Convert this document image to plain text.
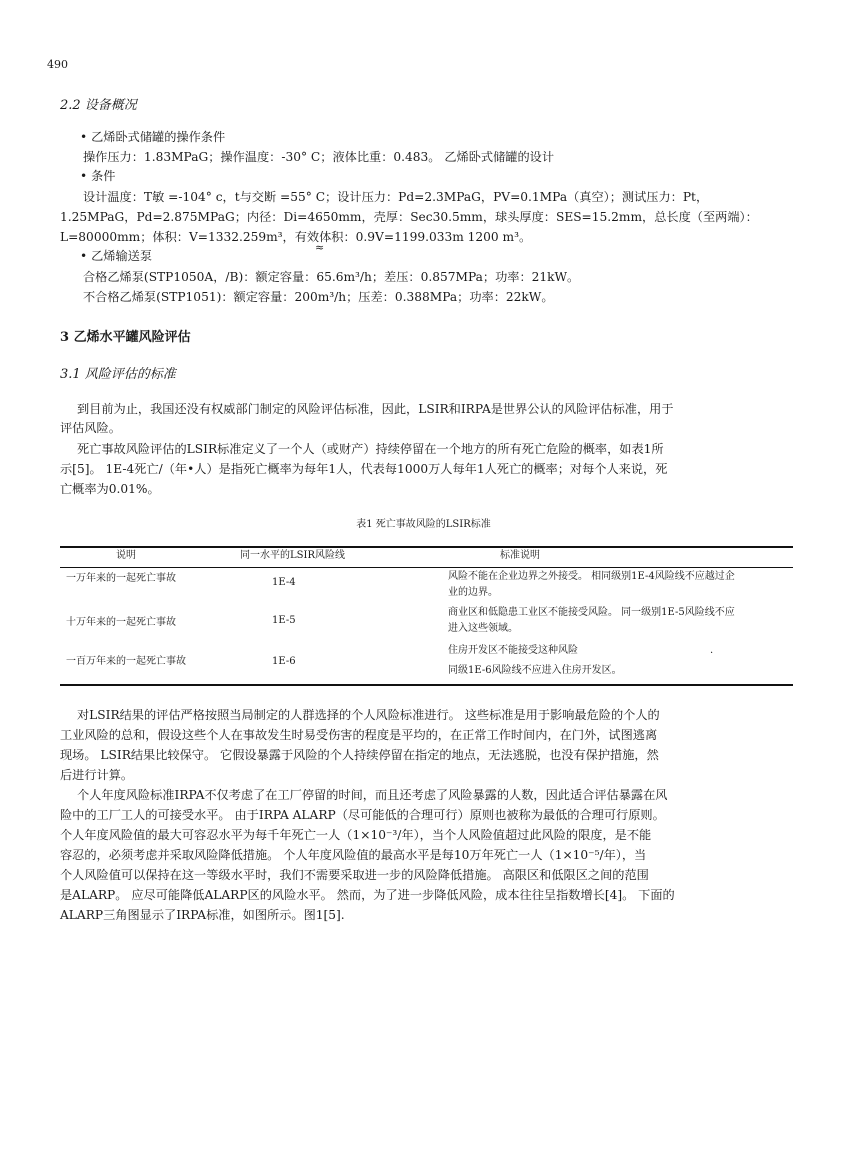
490
2.2 设备概况
• 乙烯卧式储罐的操作条件
操作压力：1.83MPaG；操作温度：-30° C；液体比重：0.483。 乙烯卧式储罐的设计
• 条件
设计温度：T敏 =-104° c，t与交断 =55° C；设计压力：Pd=2.3MPaG，PV=0.1MPa（真空）；测试压力：Pt，
1.25MPaG，Pd=2.875MPaG；内径：Di=4650mm，壳厚：Sec30.5mm，球头厚度：SES=15.2mm，总长度（至两端）：
L=80000mm；体积：V=1332.259m³，有效体积：0.9V=1199.033m 1200 m³。
≈
• 乙烯输送泵
合格乙烯泵(STP1050A，/B)：额定容量：65.6m³/h；差压：0.857MPa；功率：21kW。
不合格乙烯泵(STP1051)：额定容量：200m³/h；压差：0.388MPa；功率：22kW。
3 乙烯水平罐风险评估
3.1 风险评估的标准
到目前为止，我国还没有权威部门制定的风险评估标准，因此，LSIR和IRPA是世界公认的风险评估标准，用于
评估风险。
死亡事故风险评估的LSIR标准定义了一个人（或财产）持续停留在一个地方的所有死亡危险的概率，如表1所
示[5]。 1E-4死亡/（年•人）是指死亡概率为每年1人，代表每1000万人每年1人死亡的概率；对每个人来说，死
亡概率为0.01%。
表1 死亡事故风险的LSIR标准
说明	同一水平的LSIR风险线	标准说明
一万年来的一起死亡事故	1E-4
风险不能在企业边界之外接受。 相同级别1E-4风险线不应越过企
业的边界。
十万年来的一起死亡事故	1E-5
商业区和低隐患工业区不能接受风险。 同一级别1E-5风险线不应
进入这些领域。
一百万年来的一起死亡事故	1E-6
住房开发区不能接受这种风险	.
同级1E-6风险线不应进入住房开发区。
对LSIR结果的评估严格按照当局制定的人群选择的个人风险标准进行。 这些标准是用于影响最危险的个人的
工业风险的总和，假设这些个人在事故发生时易受伤害的程度是平均的，在正常工作时间内，在门外，试图逃离
现场。 LSIR结果比较保守。 它假设暴露于风险的个人持续停留在指定的地点，无法逃脱，也没有保护措施，然
后进行计算。
个人年度风险标准IRPA不仅考虑了在工厂停留的时间，而且还考虑了风险暴露的人数，因此适合评估暴露在风
险中的工厂工人的可接受水平。 由于IRPA ALARP（尽可能低的合理可行）原则也被称为最低的合理可行原则。
个人年度风险值的最大可容忍水平为每千年死亡一人（1×10⁻³/年），当个人风险值超过此风险的限度，是不能
容忍的，必须考虑并采取风险降低措施。 个人年度风险值的最高水平是每10万年死亡一人（1×10⁻⁵/年），当
个人风险值可以保持在这一等级水平时，我们不需要采取进一步的风险降低措施。 高限区和低限区之间的范围
是ALARP。 应尽可能降低ALARP区的风险水平。 然而，为了进一步降低风险，成本往往呈指数增长[4]。 下面的
ALARP三角图显示了IRPA标准，如图所示。图1[5].
